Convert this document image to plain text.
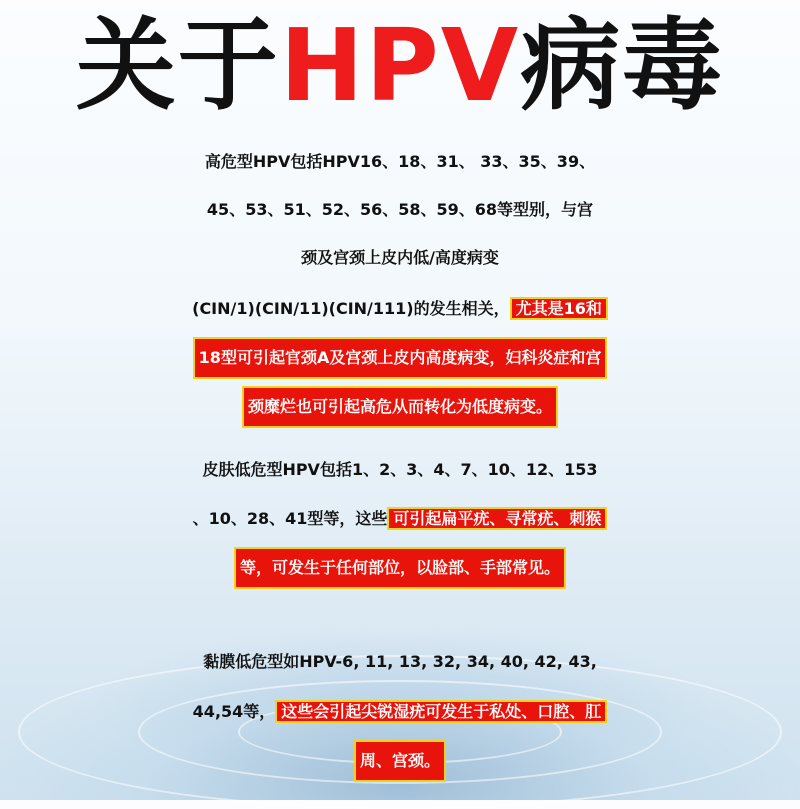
关于HPV病毒
高危型HPV包括HPV16、18、31、 33、35、39、
45、53、51、52、56、58、59、68等型别，与宫
颈及宫颈上皮内低/高度病变
(CIN/1)(CIN/11)(CIN/111)的发生相关， 尤其是16和
18型可引起官颈A及宫颈上皮内高度病变，妇科炎症和宫
颈糜烂也可引起高危从而转化为低度病变。
皮肤低危型HPV包括1、2、3、4、7、10、12、153
、10、28、41型等，这些 可引起扁平疣、寻常疣、刺猴
等，可发生于任何部位，以脸部、手部常见。
黏膜低危型如HPV-6, 11, 13, 32, 34, 40, 42, 43,
44,54等， 这些会引起尖锐湿疣可发生于私处、口腔、肛
周、宫颈。
